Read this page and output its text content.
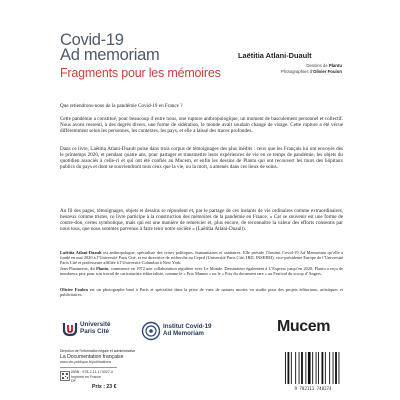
Covid-19
Ad memoriam
Fragments pour les mémoires
Laëtitia Atlani-Duault
Dessins de Plantu
Photographies d’Olivier Fouion

Que retiendrons-nous de la pandémie Covid-19 en France ?

Cette pandémie a constitué, pour beaucoup d’entre nous, une rupture anthropologique, un moment de basculement personnel et collectif. Nous avons ressenti, à des degrés divers, une forme de sidération, le monde avait soudain changé de visage. Cette rupture a été vécue différemment selon les personnes, les contextes, les pays, et elle a laissé des traces profondes.

Dans ce livre, Laëtitia Atlani-Duault puise dans trois corpus de témoignages des plus inédits : ceux que les Français lui ont envoyés dès le printemps 2020, et pendant quatre ans, pour partager et transmettre leurs expériences de vie en ce temps de pandémie, les objets du quotidien associés à celle-ci et qui ont été confiés au Mucem, et enfin les dessins de Plantu qui ont recouvert les murs des hôpitaux publics du pays et dont se souviendront tous ceux que la vie, ou la mort, a amenés dans ces lieux de soins.

Au fil des pages, témoignages, objets et dessins se répondent et, par le partage de ces instants de vie ordinaires comme extraordinaires, heureux comme tristes, ce livre participe à la construction des mémoires de la pandémie en France. « Car se souvenir est une forme de contre-don, certes symbolique, mais qui est une manière de remercier et, plus encore, de reconnaître la valeur des efforts consentis par nous tous, que nous sommes parvenus à faire tenir notre société » (Laëtitia Atlani-Duault).

Laëtitia Atlani-Duault est anthropologue, spécialiste des crises politiques, humanitaires et sanitaires. Elle préside l’Institut Covid-19 Ad Memoriam qu’elle a fondé en mai 2020 à l’Université Paris Cité, et est directrice de recherche au Ceped (Université Paris Cité, IRD, INSERM), vice-présidente Europe de l’Université Paris Cité et professeure affiliée à l’Université Columbia à New York.

Jean Plantureux, dit Plantu, commence en 1972 une collaboration régulière avec Le Monde. Dessinateur également à L’Express jusqu’en 2020, Plantu a reçu de nombreux prix pour son travail de caricaturiste éditorialiste, comme le « Prix Mumm » ou le « Prix du document rare » au Festival du scoop d’Angers.

Olivier Foulon est un photographe basé à Paris et spécialisé dans la prise de vues de natures mortes en studio pour des projets éditoriaux, artistiques et publicitaires.

Université
Paris Cité
Institut Covid-19
Ad Memoriam	Mucem
Direction de l’information légale et administrative
La Documentation française
www.vie-publique.fr/publications
ISBN : 978-2-11-174027-4
Imprimé en France
DF
Prix : 23 €	9 782111 740274
